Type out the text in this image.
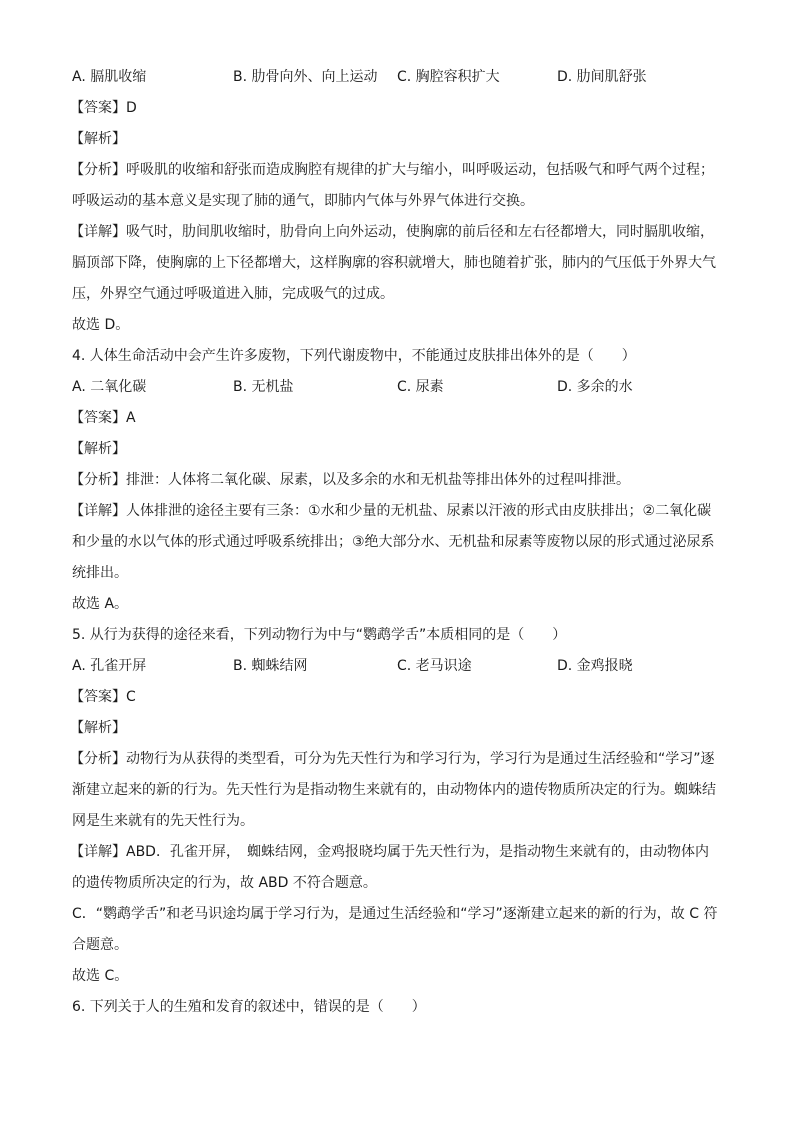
A. 膈肌收缩	B. 肋骨向外、向上运动 C. 胸腔容积扩大	D. 肋间肌舒张
【答案】D
【解析】
【分析】呼吸肌的收缩和舒张而造成胸腔有规律的扩大与缩小，叫呼吸运动，包括吸气和呼气两个过程；
呼吸运动的基本意义是实现了肺的通气，即肺内气体与外界气体进行交换。
【详解】吸气时，肋间肌收缩时，肋骨向上向外运动，使胸廓的前后径和左右径都增大，同时膈肌收缩，
膈顶部下降，使胸廓的上下径都增大，这样胸廓的容积就增大，肺也随着扩张，肺内的气压低于外界大气
压，外界空气通过呼吸道进入肺，完成吸气的过成。
故选 D。
4. 人体生命活动中会产生许多废物，下列代谢废物中，不能通过皮肤排出体外的是（　　）
A. 二氧化碳	B. 无机盐	C. 尿素	D. 多余的水
【答案】A
【解析】
【分析】排泄：人体将二氧化碳、尿素，以及多余的水和无机盐等排出体外的过程叫排泄。
【详解】人体排泄的途径主要有三条：①水和少量的无机盐、尿素以汗液的形式由皮肤排出；②二氧化碳
和少量的水以气体的形式通过呼吸系统排出；③绝大部分水、无机盐和尿素等废物以尿的形式通过泌尿系
统排出。
故选 A。
5. 从行为获得的途径来看，下列动物行为中与“鹦鹉学舌”本质相同的是（　　）
A. 孔雀开屏	B. 蜘蛛结网	C. 老马识途	D. 金鸡报晓
【答案】C
【解析】
【分析】动物行为从获得的类型看，可分为先天性行为和学习行为，学习行为是通过生活经验和“学习”逐
渐建立起来的新的行为。先天性行为是指动物生来就有的，由动物体内的遗传物质所决定的行为。蜘蛛结
网是生来就有的先天性行为。
【详解】ABD．孔雀开屏，　蜘蛛结网，金鸡报晓均属于先天性行为，是指动物生来就有的，由动物体内
的遗传物质所决定的行为，故 ABD 不符合题意。
C．“鹦鹉学舌”和老马识途均属于学习行为，是通过生活经验和“学习”逐渐建立起来的新的行为，故 C 符
合题意。
故选 C。
6. 下列关于人的生殖和发育的叙述中，错误的是（　　）
